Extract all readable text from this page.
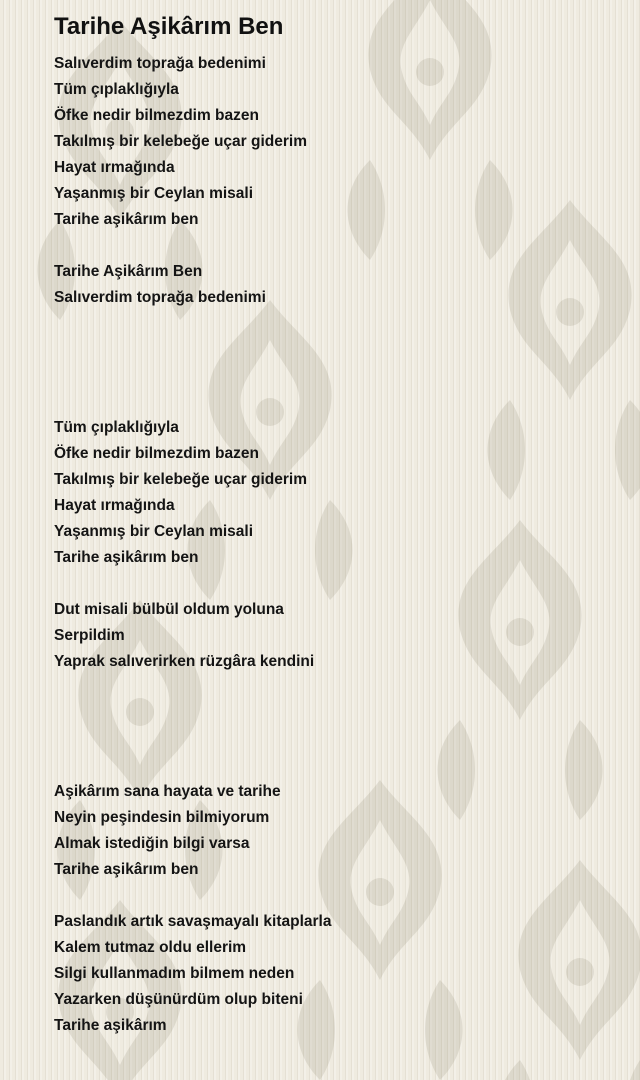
Tarihe Aşikârım Ben
Salıverdim toprağa bedenimi
Tüm çıplaklığıyla
Öfke nedir bilmezdim bazen
Takılmış bir kelebeğe uçar giderim
Hayat ırmağında
Yaşanmış bir Ceylan misali
Tarihe aşikârım ben
Tarihe Aşikârım Ben
Salıverdim toprağa bedenimi
Tüm çıplaklığıyla
Öfke nedir bilmezdim bazen
Takılmış bir kelebeğe uçar giderim
Hayat ırmağında
Yaşanmış bir Ceylan misali
Tarihe aşikârım ben
Dut misali bülbül oldum yoluna
Serpildim
Yaprak salıverirken rüzgâra kendini
Aşikârım sana hayata ve tarihe
Neyin peşindesin bilmiyorum
Almak istediğin bilgi varsa
Tarihe aşikârım ben
Paslandık artık savaşmayalı kitaplarla
Kalem tutmaz oldu ellerim
Silgi kullanmadım bilmem neden
Yazarken düşünürdüm olup biteni
Tarihe aşikârım
